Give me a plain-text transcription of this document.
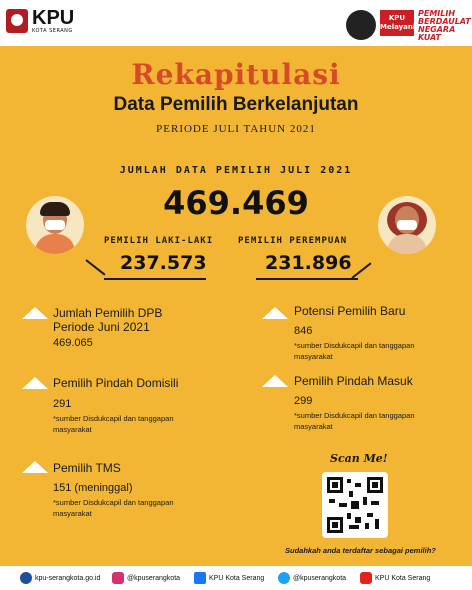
KPU
KOTA SERANG
KPU
Melayani
PEMILIH BERDAULAT NEGARA KUAT
Rekapitulasi
Data Pemilih Berkelanjutan
PERIODE JULI TAHUN 2021
JUMLAH DATA PEMILIH JULI 2021
469.469
PEMILIH LAKI-LAKI
237.573
PEMILIH PEREMPUAN
231.896
Jumlah Pemilih DPB
Periode Juni 2021
469.065
Pemilih Pindah Domisili
291
*sumber Disdukcapil dan tanggapan
masyarakat
Pemilih TMS
151 (meninggal)
*sumber Disdukcapil dan tanggapan
masyarakat
Potensi Pemilih Baru
846
*sumber Disdukcapil dan tanggapan
masyarakat
Pemilih Pindah Masuk
299
*sumber Disdukcapil dan tanggapan
masyarakat
Scan Me!
Sudahkah anda terdaftar sebagai pemilih?
kpu-serangkota.go.id	@kpuserangkota	KPU Kota Serang	@kpuserangkota	KPU Kota Serang
